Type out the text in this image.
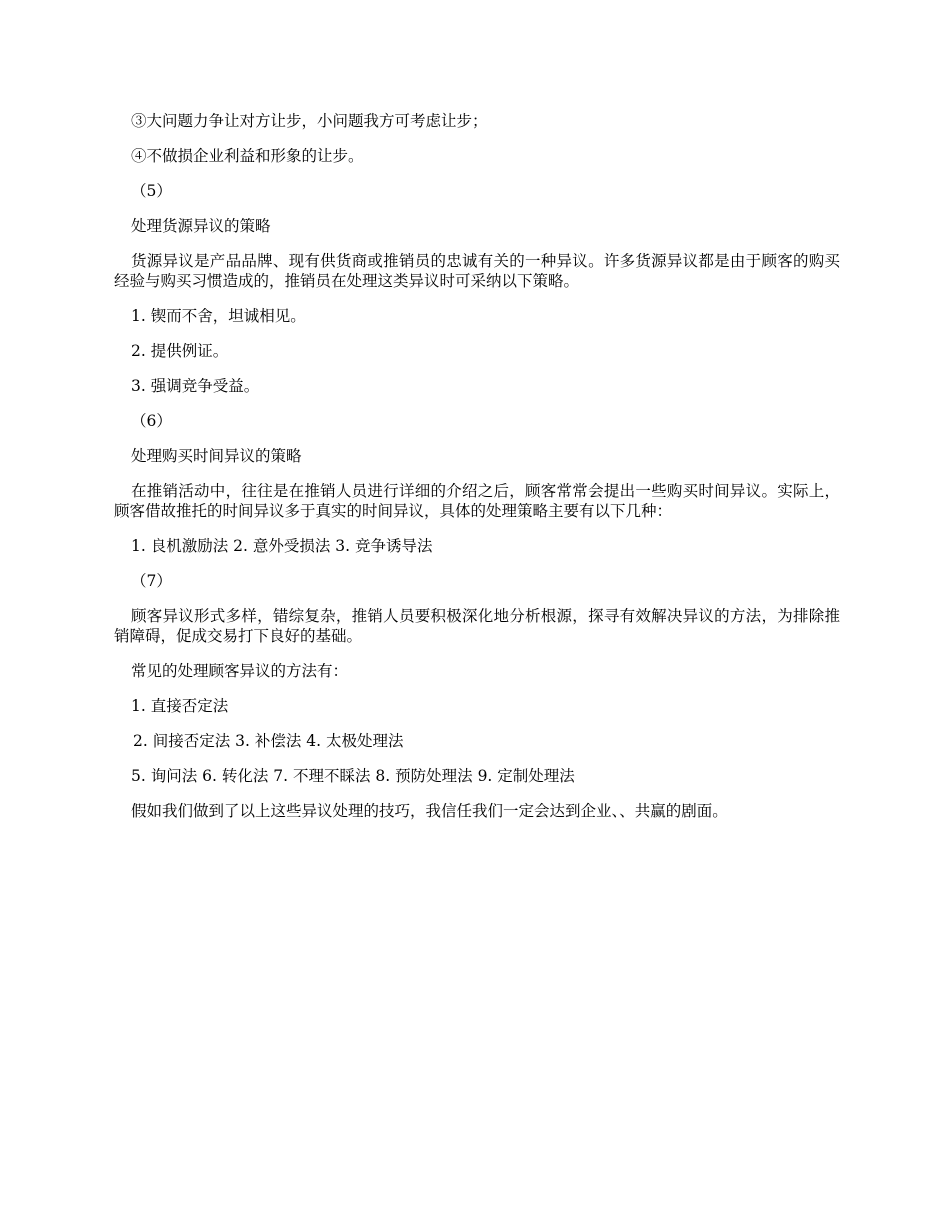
③大问题力争让对方让步，小问题我方可考虑让步；

④不做损企业利益和形象的让步。

（5）

处理货源异议的策略

货源异议是产品品牌、现有供货商或推销员的忠诚有关的一种异议。许多货源异议都是由于顾客的购买经验与购买习惯造成的，推销员在处理这类异议时可采纳以下策略。

1. 锲而不舍，坦诚相见。

2. 提供例证。

3. 强调竞争受益。

（6）

处理购买时间异议的策略

在推销活动中，往往是在推销人员进行详细的介绍之后，顾客常常会提出一些购买时间异议。实际上，顾客借故推托的时间异议多于真实的时间异议，具体的处理策略主要有以下几种：

1. 良机激励法 2. 意外受损法 3. 竞争诱导法

（7）

顾客异议形式多样，错综复杂，推销人员要积极深化地分析根源，探寻有效解决异议的方法，为排除推销障碍，促成交易打下良好的基础。

常见的处理顾客异议的方法有：

1. 直接否定法

2. 间接否定法 3. 补偿法 4. 太极处理法

5. 询问法 6. 转化法 7. 不理不睬法 8. 预防处理法 9. 定制处理法

假如我们做到了以上这些异议处理的技巧，我信任我们一定会达到企业、、共赢的剧面。
